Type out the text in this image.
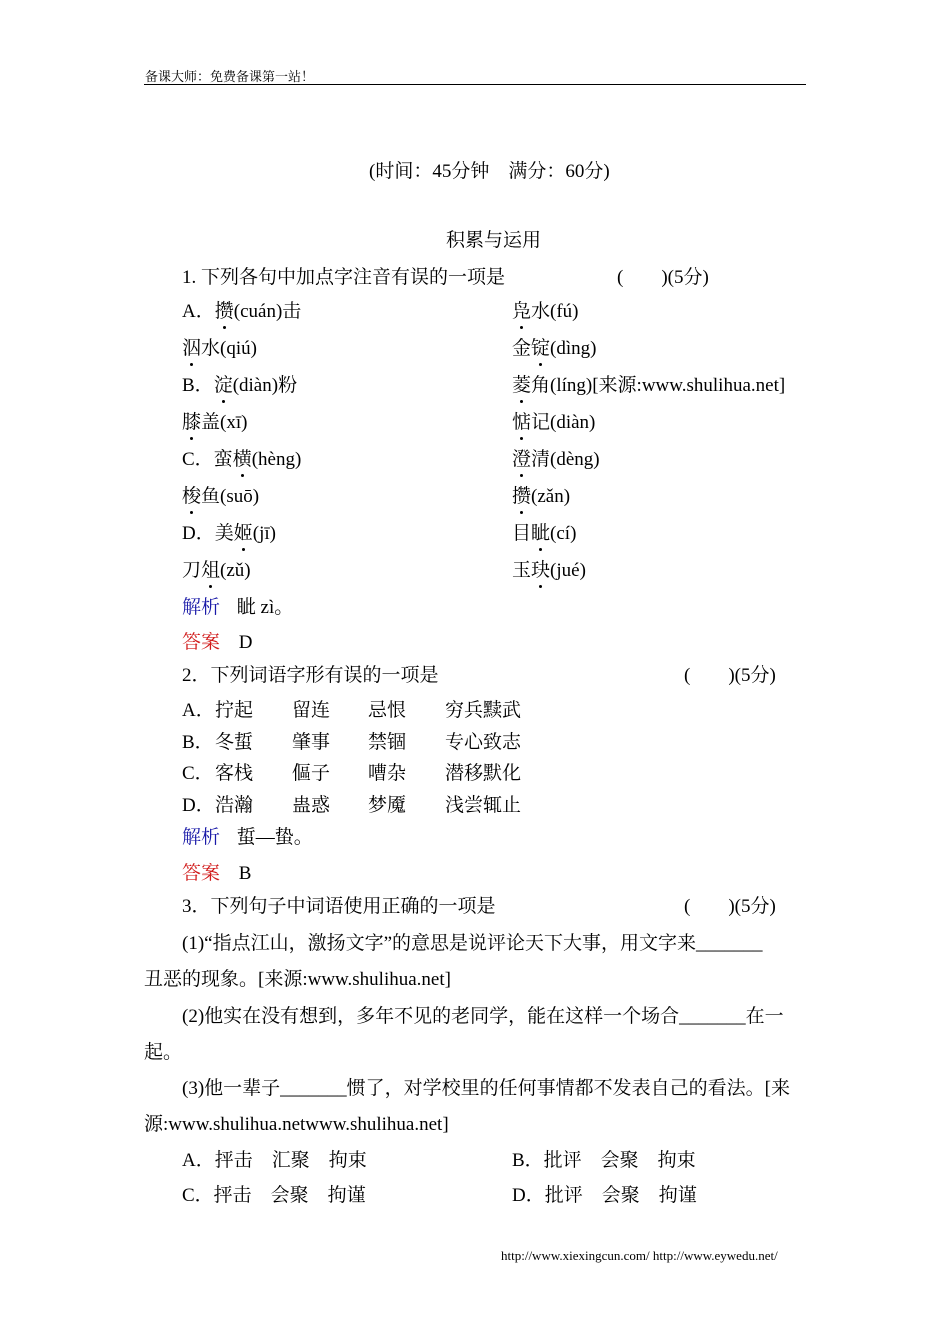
备课大师：免费备课第一站！
(时间：45分钟　满分：60分)
积累与运用
1. 下列各句中加点字注音有误的一项是	(　　)(5分)
A．攒(cuán)击	凫水(fú)
泅水(qiú)	金锭(dìng)
B．淀(diàn)粉	菱角(líng)[来源:www.shulihua.net]
膝盖(xī)	惦记(diàn)
C．蛮横(hèng)	澄清(dèng)
梭鱼(suō)	攒(zǎn)
D．美姬(jī)	目眦(cí)
刀俎(zǔ)	玉玦(jué)
解析 眦 zì。
答案 D
2．下列词语字形有误的一项是	(　　)(5分)
A． 拧起 留连 忌恨 穷兵黩武
B． 冬蜇 肇事 禁锢 专心致志
C． 客栈 傴子 嘈杂 潜移默化
D． 浩瀚 蛊惑 梦魇 浅尝辄止
解析 蜇—蛰。
答案 B
3．下列句子中词语使用正确的一项是	(　　)(5分)
(1)“指点江山，激扬文字”的意思是说评论天下大事，用文字来_______
丑恶的现象。[来源:www.shulihua.net]
(2)他实在没有想到，多年不见的老同学，能在这样一个场合_______在一
起。
(3)他一辈子_______惯了，对学校里的任何事情都不发表自己的看法。[来
源:www.shulihua.netwww.shulihua.net]
A．抨击　汇聚　拘束	B．批评　会聚　拘束
C．抨击　会聚　拘谨	D．批评　会聚　拘谨
http://www.xiexingcun.com/ http://www.eywedu.net/
